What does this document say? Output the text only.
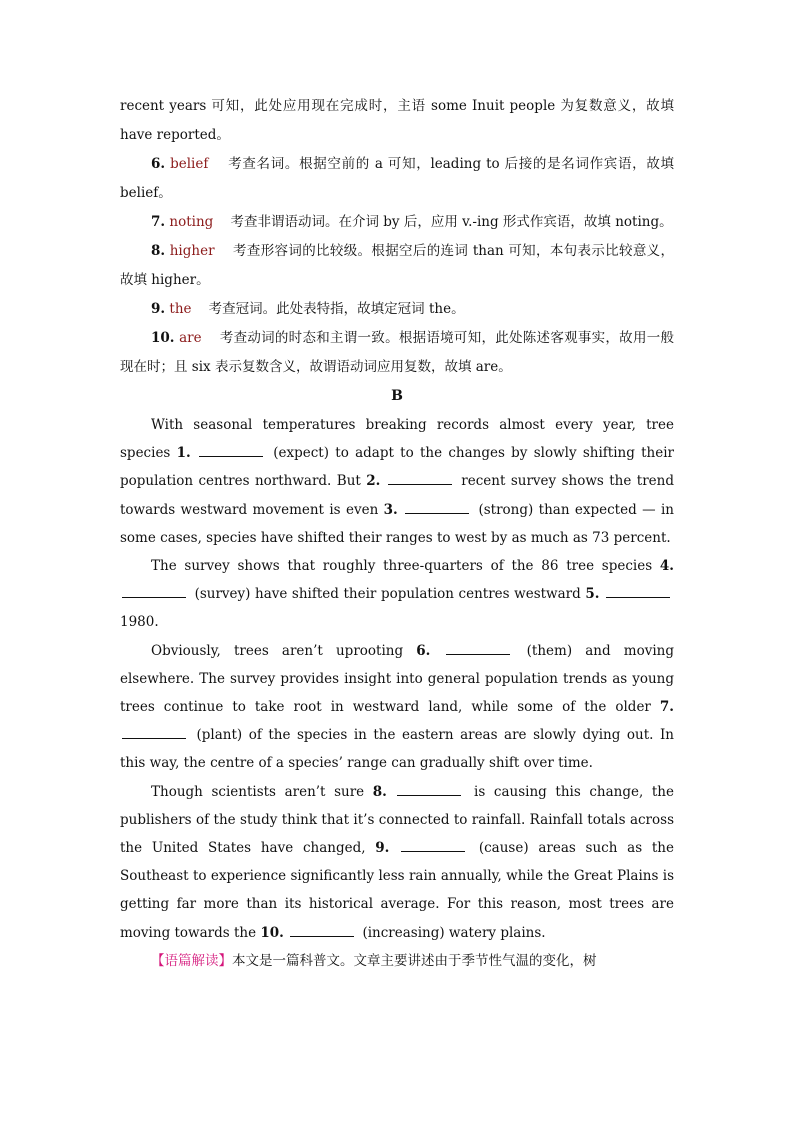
recent years 可知，此处应用现在完成时，主语 some Inuit people 为复数意义，故填 have reported。

6. belief 考查名词。根据空前的 a 可知，leading to 后接的是名词作宾语，故填 belief。

7. noting 考查非谓语动词。在介词 by 后，应用 v.-ing 形式作宾语，故填 noting。

8. higher 考查形容词的比较级。根据空后的连词 than 可知，本句表示比较意义，故填 higher。

9. the 考查冠词。此处表特指，故填定冠词 the。

10. are 考查动词的时态和主谓一致。根据语境可知，此处陈述客观事实，故用一般现在时；且 six 表示复数含义，故谓语动词应用复数，故填 are。

B

With seasonal temperatures breaking records almost every year, tree species 1.	(expect) to adapt to the changes by slowly shifting their population centres northward. But 2.	recent survey shows the trend towards westward movement is even 3.	(strong) than expected — in some cases, species have shifted their ranges to west by as much as 73 percent.

The survey shows that roughly three-quarters of the 86 tree species 4.  (survey) have shifted their population centres westward 5.  1980.

Obviously, trees aren’t uprooting 6.	(them) and moving elsewhere. The survey provides insight into general population trends as young trees continue to take root in westward land, while some of the older 7.  (plant) of the species in the eastern areas are slowly dying out. In this way, the centre of a species’ range can gradually shift over time.

Though scientists aren’t sure 8.	is causing this change, the publishers of the study think that it’s connected to rainfall. Rainfall totals across the United States have changed, 9.	(cause) areas such as the Southeast to experience significantly less rain annually, while the Great Plains is getting far more than its historical average. For this reason, most trees are moving towards the 10.	(increasing) watery plains.

【语篇解读】本文是一篇科普文。文章主要讲述由于季节性气温的变化，树
